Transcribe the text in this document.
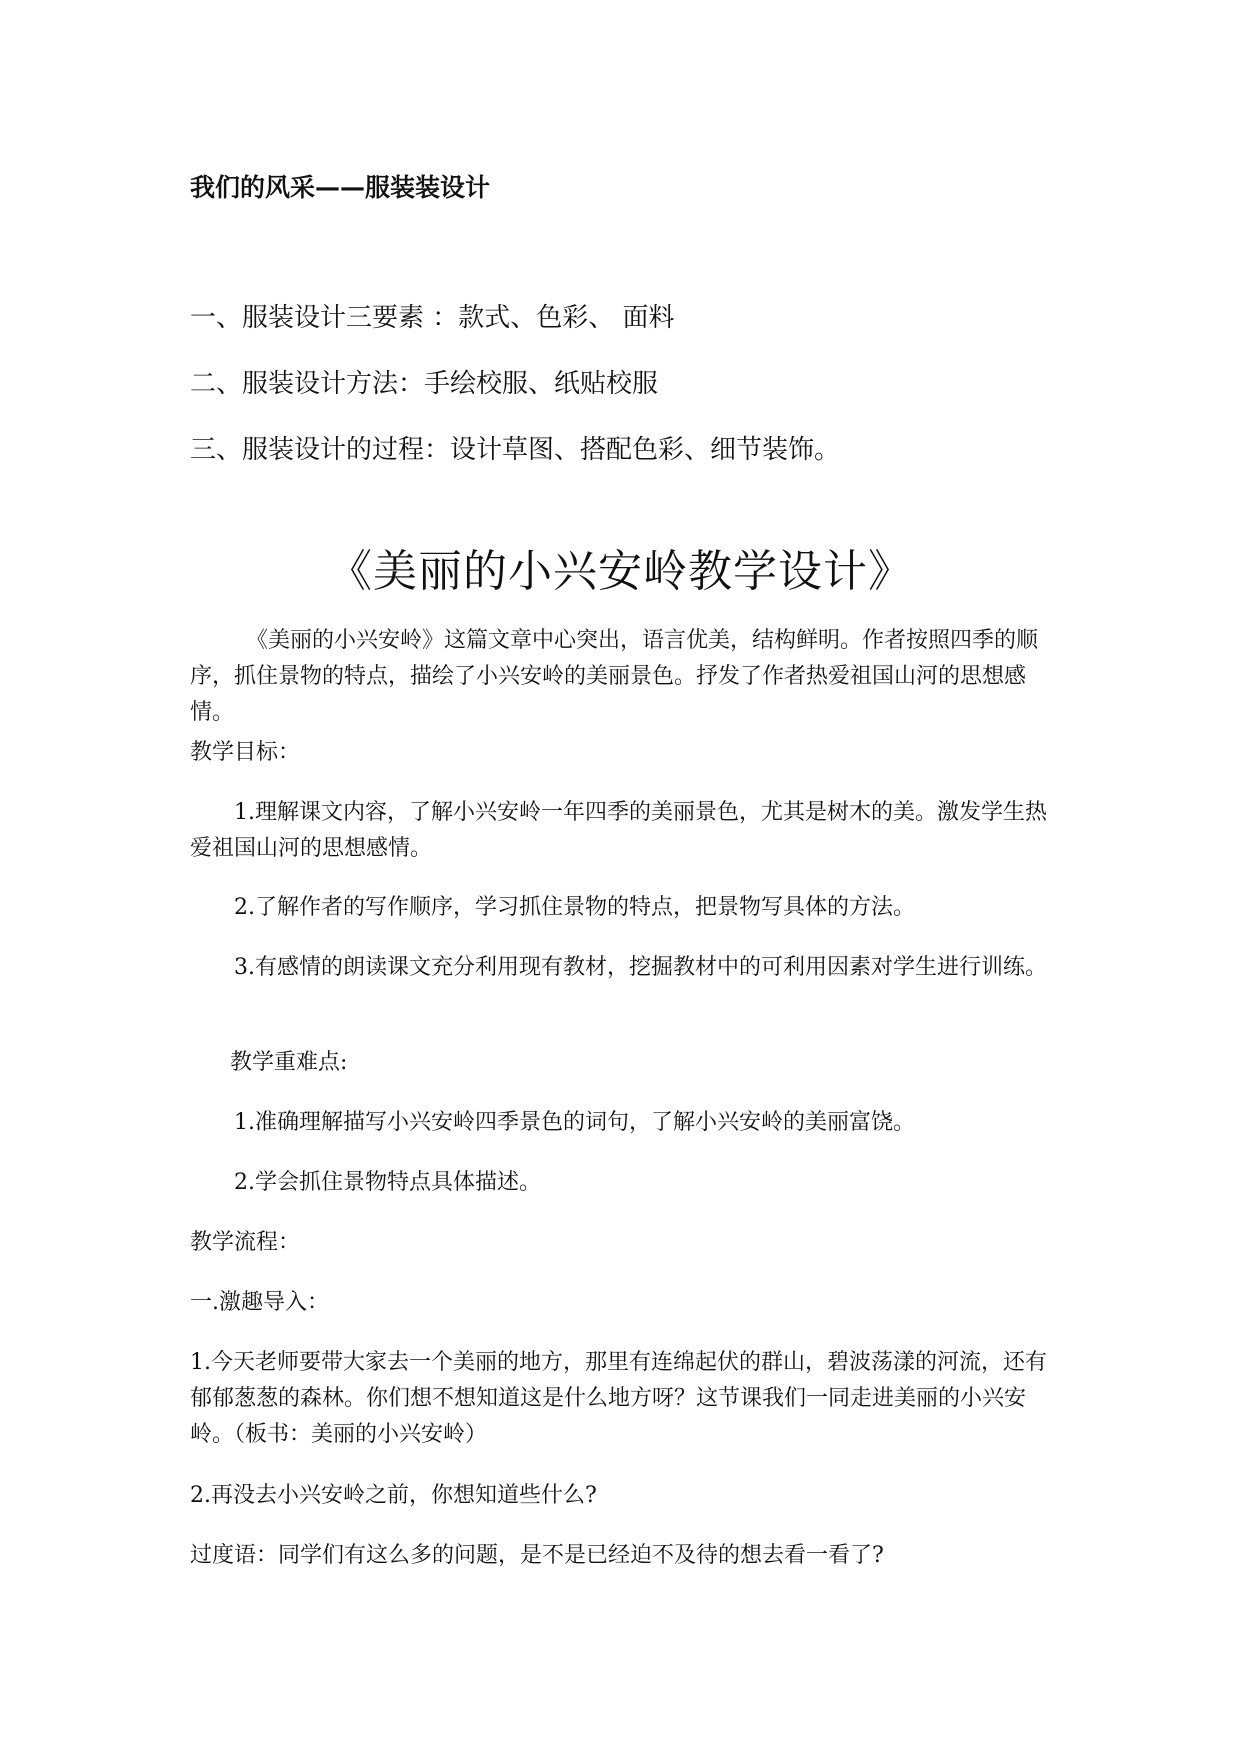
我们的风采——服装装设计

一、服装设计三要素 ：款式、色彩、 面料

二、服装设计方法：手绘校服、纸贴校服

三、服装设计的过程：设计草图、搭配色彩、细节装饰。

《美丽的小兴安岭教学设计》

《美丽的小兴安岭》这篇文章中心突出，语言优美，结构鲜明。作者按照四季的顺序，抓住景物的特点，描绘了小兴安岭的美丽景色。抒发了作者热爱祖国山河的思想感情。

教学目标：

1.理解课文内容，了解小兴安岭一年四季的美丽景色，尤其是树木的美。激发学生热爱祖国山河的思想感情。

2.了解作者的写作顺序，学习抓住景物的特点，把景物写具体的方法。

3.有感情的朗读课文充分利用现有教材，挖掘教材中的可利用因素对学生进行训练。

教学重难点:

1.准确理解描写小兴安岭四季景色的词句，了解小兴安岭的美丽富饶。

2.学会抓住景物特点具体描述。

教学流程：

一.激趣导入：

1.今天老师要带大家去一个美丽的地方，那里有连绵起伏的群山，碧波荡漾的河流，还有郁郁葱葱的森林。你们想不想知道这是什么地方呀？这节课我们一同走进美丽的小兴安岭。（板书：美丽的小兴安岭）

2.再没去小兴安岭之前，你想知道些什么?

过度语：同学们有这么多的问题，是不是已经迫不及待的想去看一看了?
